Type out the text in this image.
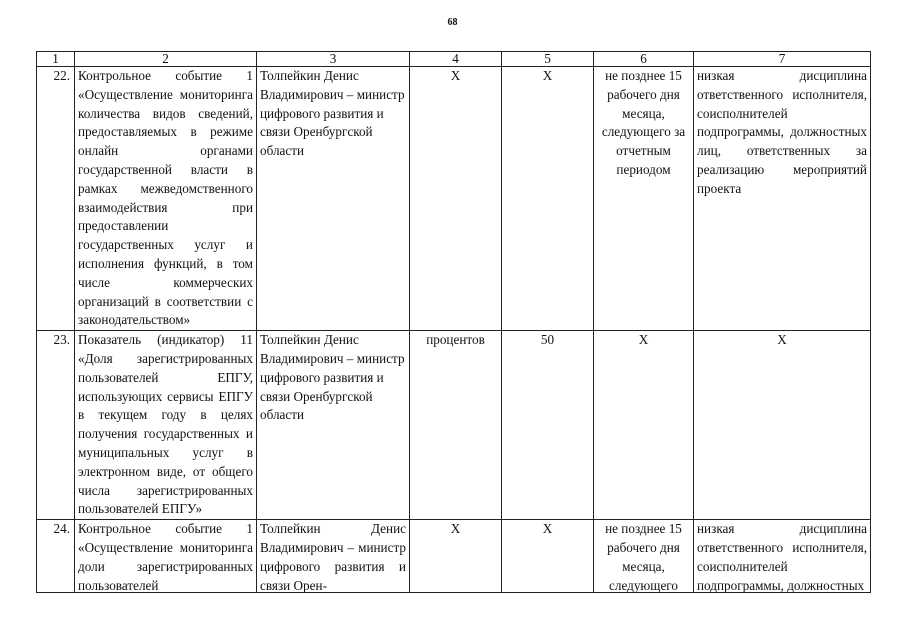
68
1	2	3	4	5	6	7
22.	Контрольное событие 1 «Осуществление мониторинга количества видов сведений, предоставляемых в режиме онлайн органами государственной власти в рамках межведомственного взаимодействия при предоставлении государственных услуг и исполнения функций, в том числе коммерческих организаций в соответствии с законодательством»	Толпейкин Денис Владимирович – министр цифрового развития и связи Оренбургской области	Х	Х	не позднее 15 рабочего дня месяца, следующего за отчетным периодом	низкая дисциплина ответственного исполнителя, соисполнителей подпрограммы, должностных лиц, ответственных за реализацию мероприятий проекта
23.	Показатель (индикатор) 11 «Доля зарегистрированных пользователей ЕПГУ, использующих сервисы ЕПГУ в текущем году в целях получения государственных и муниципальных услуг в электронном виде, от общего числа зарегистрированных пользователей ЕПГУ»	Толпейкин Денис Владимирович – министр цифрового развития и связи Оренбургской области	процентов	50	Х	Х

24.	Контрольное событие 1 «Осуществление мониторинга доли зарегистрированных пользователей	Толпейкин Денис Владимирович – министр цифрового развития и связи Орен-	Х	Х	не позднее 15 рабочего дня месяца, следующего	низкая дисциплина ответственного исполнителя, соисполнителей подпрограммы, должностных
